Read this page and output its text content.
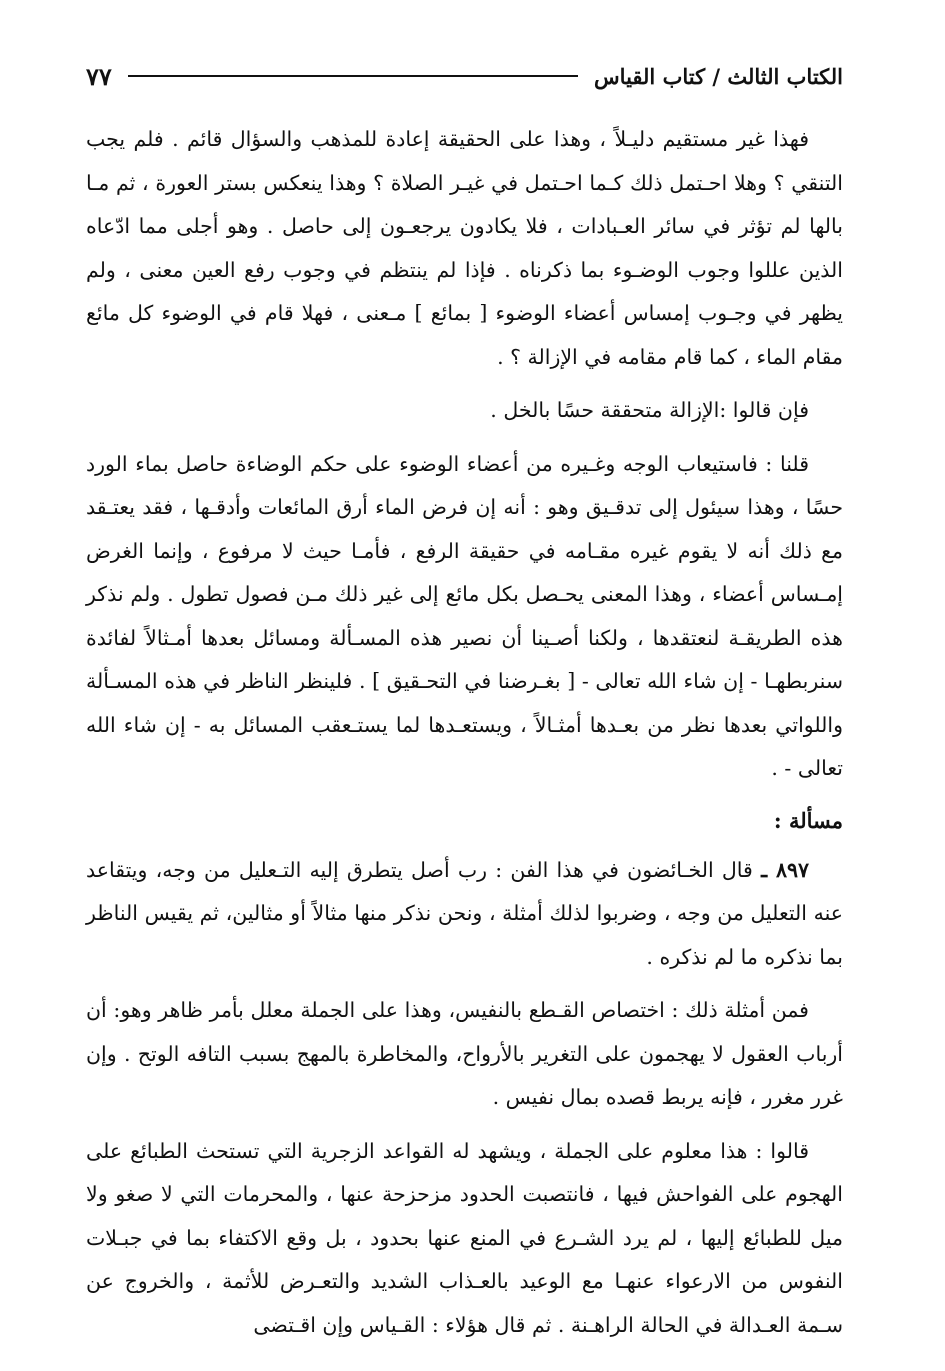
الكتاب الثالث / كتاب القياس
٧٧

فهذا غير مستقيم دليـلاً ، وهذا على الحقيقة إعادة للمذهب والسؤال قائم . فلم يجب التنقي ؟ وهلا احـتمل ذلك كـما احـتمل في غيـر الصلاة ؟ وهذا ينعكس بستر العورة ، ثم مـا بالها لم تؤثر في سائر العـبادات ، فلا يكادون يرجعـون إلى حاصل . وهو أجلى مما ادّعاه الذين عللوا وجوب الوضـوء بما ذكرناه . فإذا لم ينتظم في وجوب رفع العين معنى ، ولم يظهر في وجـوب إمساس أعضاء الوضوء [ بمائع ] مـعنى ، فهلا قام في الوضوء كل مائع مقام الماء ، كما قام مقامه في الإزالة ؟ .

فإن قالوا :الإزالة متحققة حسًا بالخل .

قلنا : فاستيعاب الوجه وغـيره من أعضاء الوضوء على حكم الوضاءة حاصل بماء الورد حسًا ، وهذا سيئول إلى تدقـيق وهو : أنه إن فرض الماء أرق المائعات وأدقـها ، فقد يعتـقد مع ذلك أنه لا يقوم غيره مقـامه في حقيقة الرفع ، فأمـا حيث لا مرفوع ، وإنما الغرض إمـساس أعضاء ، وهذا المعنى يحـصل بكل مائع إلى غير ذلك مـن فصول تطول . ولم نذكر هذه الطريقـة لنعتقدها ، ولكنا أصـينا أن نصير هذه المسـألة ومسائل بعدها أمـثالاً لفائدة سنربطهـا - إن شاء الله تعالى - [ بغـرضنا في التحـقيق ] . فلينظر الناظر في هذه المسـألة واللواتي بعدها نظر من بعـدها أمثـالاً ، ويستعـدها لما يستـعقب المسائل به - إن شاء الله تعالى - .

مسألة :

٨٩٧ ـ قال الخـائضون في هذا الفن : رب أصل يتطرق إليه التـعليل من وجه، ويتقاعد عنه التعليل من وجه ، وضربوا لذلك أمثلة ، ونحن نذكر منها مثالاً أو مثالين، ثم يقيس الناظر بما نذكره ما لم نذكره .

فمن أمثلة ذلك : اختصاص القـطع بالنفيس، وهذا على الجملة معلل بأمر ظاهر وهو: أن أرباب العقول لا يهجمون على التغرير بالأرواح، والمخاطرة بالمهج بسبب التافه الوتح . وإن غرر مغرر ، فإنه يربط قصده بمال نفيس .

قالوا : هذا معلوم على الجملة ، ويشهد له القواعد الزجرية التي تستحث الطبائع على الهجوم على الفواحش فيها ، فانتصبت الحدود مزحزحة عنها ، والمحرمات التي لا صغو ولا ميل للطبائع إليها ، لم يرد الشـرع في المنع عنها بحدود ، بل وقع الاكتفاء بما في جبـلات النفوس من الارعواء عنهـا مع الوعيد بالعـذاب الشديد والتعـرض للأثمة ، والخروج عن سـمة العـدالة في الحالة الراهـنة . ثم قال هؤلاء : القـياس وإن اقـتضى
